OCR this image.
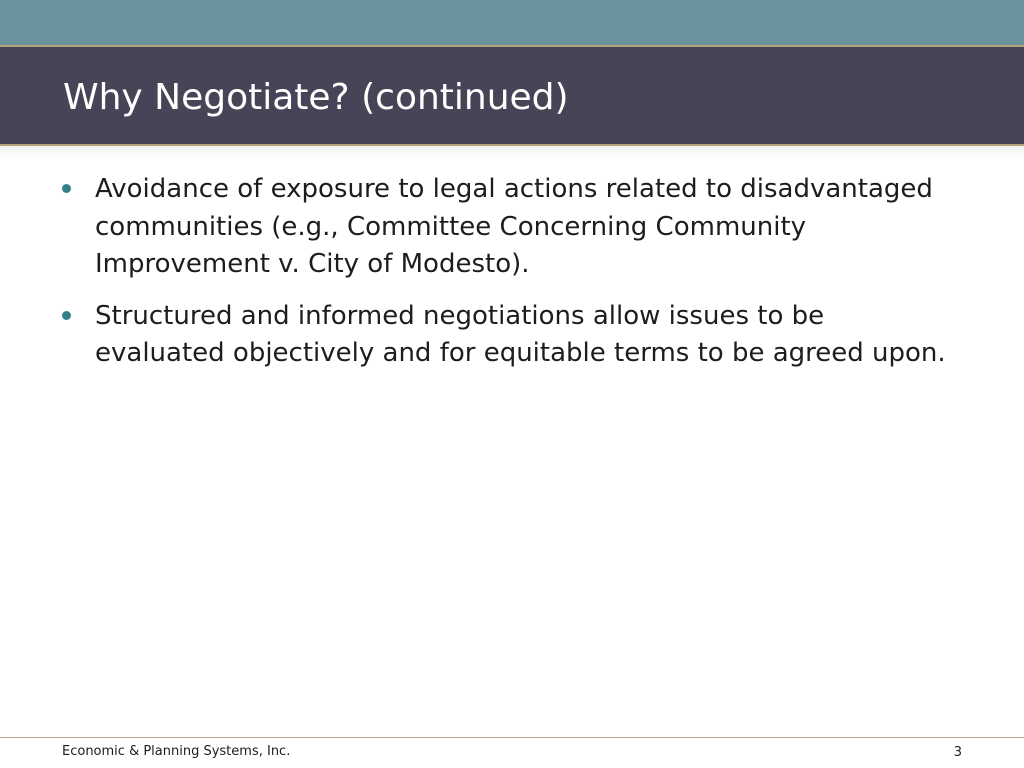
Why Negotiate? (continued)
Avoidance of exposure to legal actions related to disadvantaged communities (e.g., Committee Concerning Community Improvement v. City of Modesto).
Structured and informed negotiations allow issues to be evaluated objectively and for equitable terms to be agreed upon.
Economic & Planning Systems, Inc.	3
